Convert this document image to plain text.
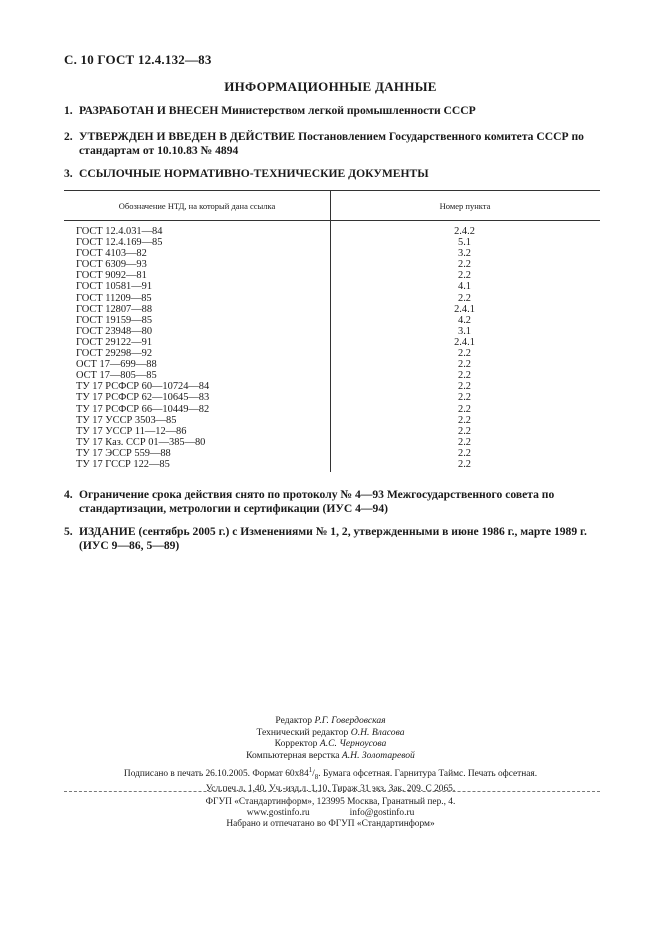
С. 10 ГОСТ 12.4.132—83
ИНФОРМАЦИОННЫЕ ДАННЫЕ
1. РАЗРАБОТАН И ВНЕСЕН Министерством легкой промышленности СССР
2. УТВЕРЖДЕН И ВВЕДЕН В ДЕЙСТВИЕ Постановлением Государственного комитета СССР по стандартам от 10.10.83 № 4894
3. ССЫЛОЧНЫЕ НОРМАТИВНО-ТЕХНИЧЕСКИЕ ДОКУМЕНТЫ
Обозначение НТД, на который дана ссылка	Номер пункта
ГОСТ 12.4.031—84	2.4.2
ГОСТ 12.4.169—85	5.1
ГОСТ 4103—82	3.2
ГОСТ 6309—93	2.2
ГОСТ 9092—81	2.2
ГОСТ 10581—91	4.1
ГОСТ 11209—85	2.2
ГОСТ 12807—88	2.4.1
ГОСТ 19159—85	4.2
ГОСТ 23948—80	3.1
ГОСТ 29122—91	2.4.1
ГОСТ 29298—92	2.2
ОСТ 17—699—88	2.2
ОСТ 17—805—85	2.2
ТУ 17 РСФСР 60—10724—84	2.2
ТУ 17 РСФСР 62—10645—83	2.2
ТУ 17 РСФСР 66—10449—82	2.2
ТУ 17 УССР 3503—85	2.2
ТУ 17 УССР 11—12—86	2.2
ТУ 17 Каз. ССР 01—385—80	2.2
ТУ 17 ЭССР 559—88	2.2
ТУ 17 ГССР 122—85	2.2
4. Ограничение срока действия снято по протоколу № 4—93 Межгосударственного совета по стандартизации, метрологии и сертификации (ИУС 4—94)
5. ИЗДАНИЕ (сентябрь 2005 г.) с Изменениями № 1, 2, утвержденными в июне 1986 г., марте 1989 г. (ИУС 9—86, 5—89)
Редактор Р.Г. Говердовская
Технический редактор О.Н. Власова
Корректор А.С. Черноусова
Компьютерная верстка А.Н. Золотаревой
Подписано в печать 26.10.2005. Формат $60х84^1/_8$. Бумага офсетная. Гарнитура Таймс. Печать офсетная.
Усл.печ.л. 1,40. Уч.-изд.л. 1,10. Тираж 31 экз. Зак. 209. С 2065.
ФГУП «Стандартинформ», 123995 Москва, Гранатный пер., 4.
www.gostinfo.ru	info@gostinfo.ru
Набрано и отпечатано во ФГУП «Стандартинформ»
